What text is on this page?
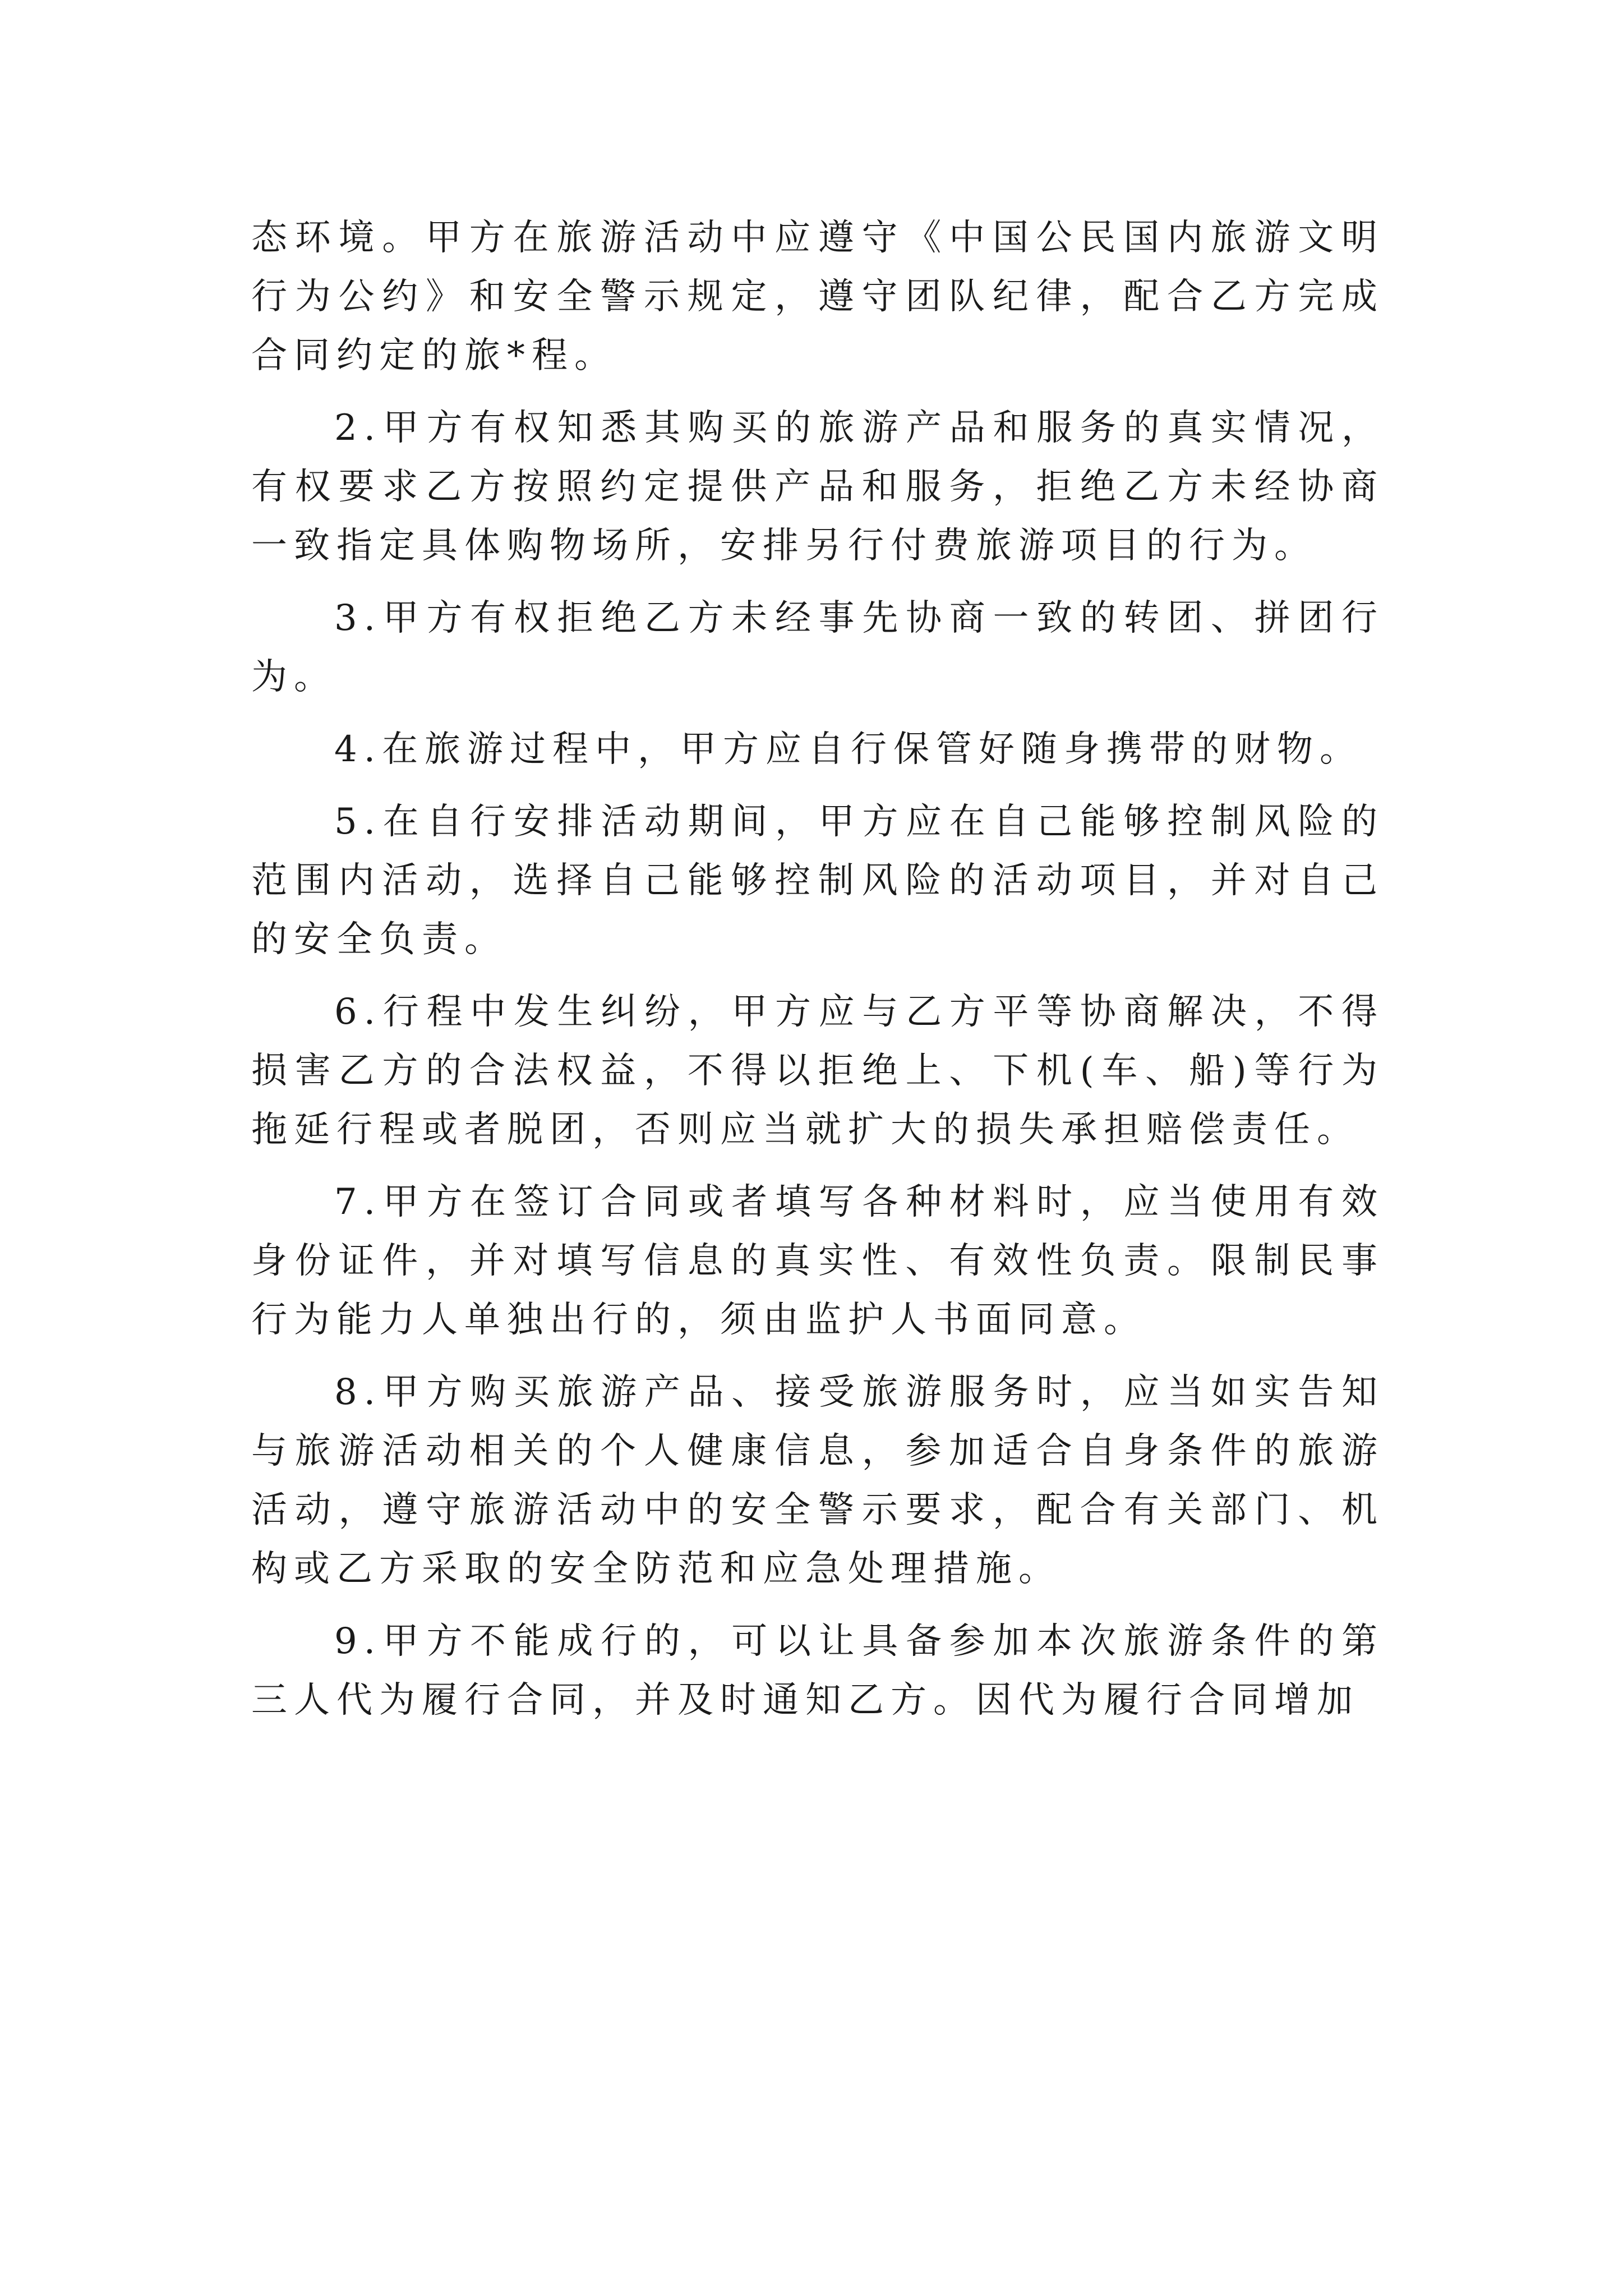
态环境。甲方在旅游活动中应遵守《中国公民国内旅游文明行为公约》和安全警示规定，遵守团队纪律，配合乙方完成合同约定的旅*程。

2.甲方有权知悉其购买的旅游产品和服务的真实情况，有权要求乙方按照约定提供产品和服务，拒绝乙方未经协商一致指定具体购物场所，安排另行付费旅游项目的行为。

3.甲方有权拒绝乙方未经事先协商一致的转团、拼团行为。

4.在旅游过程中，甲方应自行保管好随身携带的财物。

5.在自行安排活动期间，甲方应在自己能够控制风险的范围内活动，选择自己能够控制风险的活动项目，并对自己的安全负责。

6.行程中发生纠纷，甲方应与乙方平等协商解决，不得损害乙方的合法权益，不得以拒绝上、下机(车、船)等行为拖延行程或者脱团，否则应当就扩大的损失承担赔偿责任。

7.甲方在签订合同或者填写各种材料时，应当使用有效身份证件，并对填写信息的真实性、有效性负责。限制民事行为能力人单独出行的，须由监护人书面同意。

8.甲方购买旅游产品、接受旅游服务时，应当如实告知与旅游活动相关的个人健康信息，参加适合自身条件的旅游活动，遵守旅游活动中的安全警示要求，配合有关部门、机构或乙方采取的安全防范和应急处理措施。

9.甲方不能成行的，可以让具备参加本次旅游条件的第三人代为履行合同，并及时通知乙方。因代为履行合同增加
